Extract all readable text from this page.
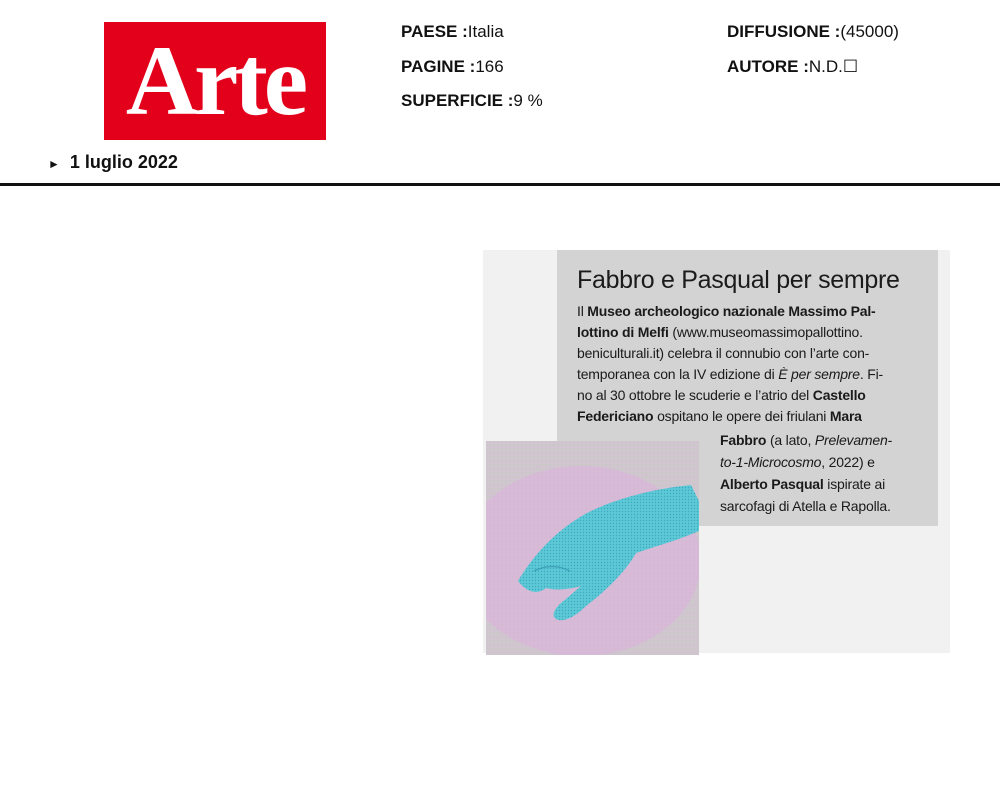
Arte	PAESE :Italia
PAGINE :166
SUPERFICIE :9 %
DIFFUSIONE :(45000)
AUTORE :N.D.☐
► 1 luglio 2022
Fabbro e Pasqual per sempre
Il Museo archeologico nazionale Massimo Pal-
lottino di Melfi (www.museomassimopallottino.
beniculturali.it) celebra il connubio con l’arte con-
temporanea con la IV edizione di È per sempre. Fi-
no al 30 ottobre le scuderie e l’atrio del Castello
Federiciano ospitano le opere dei friulani Mara
Fabbro (a lato, Prelevamen-
to-1-Microcosmo, 2022) e
Alberto Pasqual ispirate ai
sarcofagi di Atella e Rapolla.
